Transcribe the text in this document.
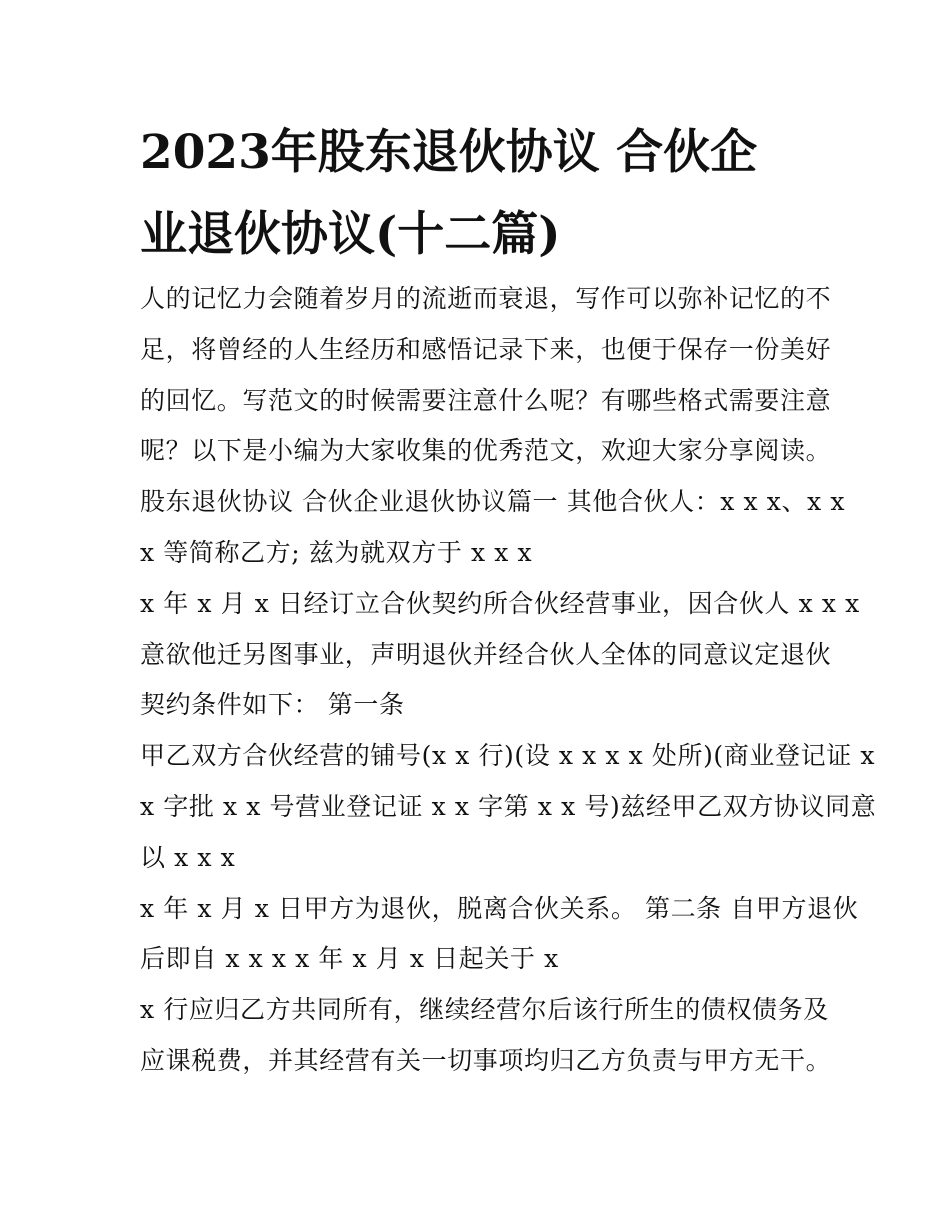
2023年股东退伙协议 合伙企
业退伙协议(十二篇)
人的记忆力会随着岁月的流逝而衰退，写作可以弥补记忆的不
足，将曾经的人生经历和感悟记录下来，也便于保存一份美好
的回忆。写范文的时候需要注意什么呢？有哪些格式需要注意
呢？以下是小编为大家收集的优秀范文，欢迎大家分享阅读。
股东退伙协议 合伙企业退伙协议篇一 其他合伙人：x x x、x x
x 等简称乙方; 兹为就双方于 x x x
x 年 x 月 x 日经订立合伙契约所合伙经营事业，因合伙人 x x x
意欲他迁另图事业，声明退伙并经合伙人全体的同意议定退伙
契约条件如下： 第一条
甲乙双方合伙经营的铺号(x x 行)(设 x x x x 处所)(商业登记证 x
x 字批 x x 号营业登记证 x x 字第 x x 号)兹经甲乙双方协议同意
以 x x x
x 年 x 月 x 日甲方为退伙，脱离合伙关系。 第二条 自甲方退伙
后即自 x x x x 年 x 月 x 日起关于 x
x 行应归乙方共同所有，继续经营尔后该行所生的债权债务及
应课税费，并其经营有关一切事项均归乙方负责与甲方无干。
